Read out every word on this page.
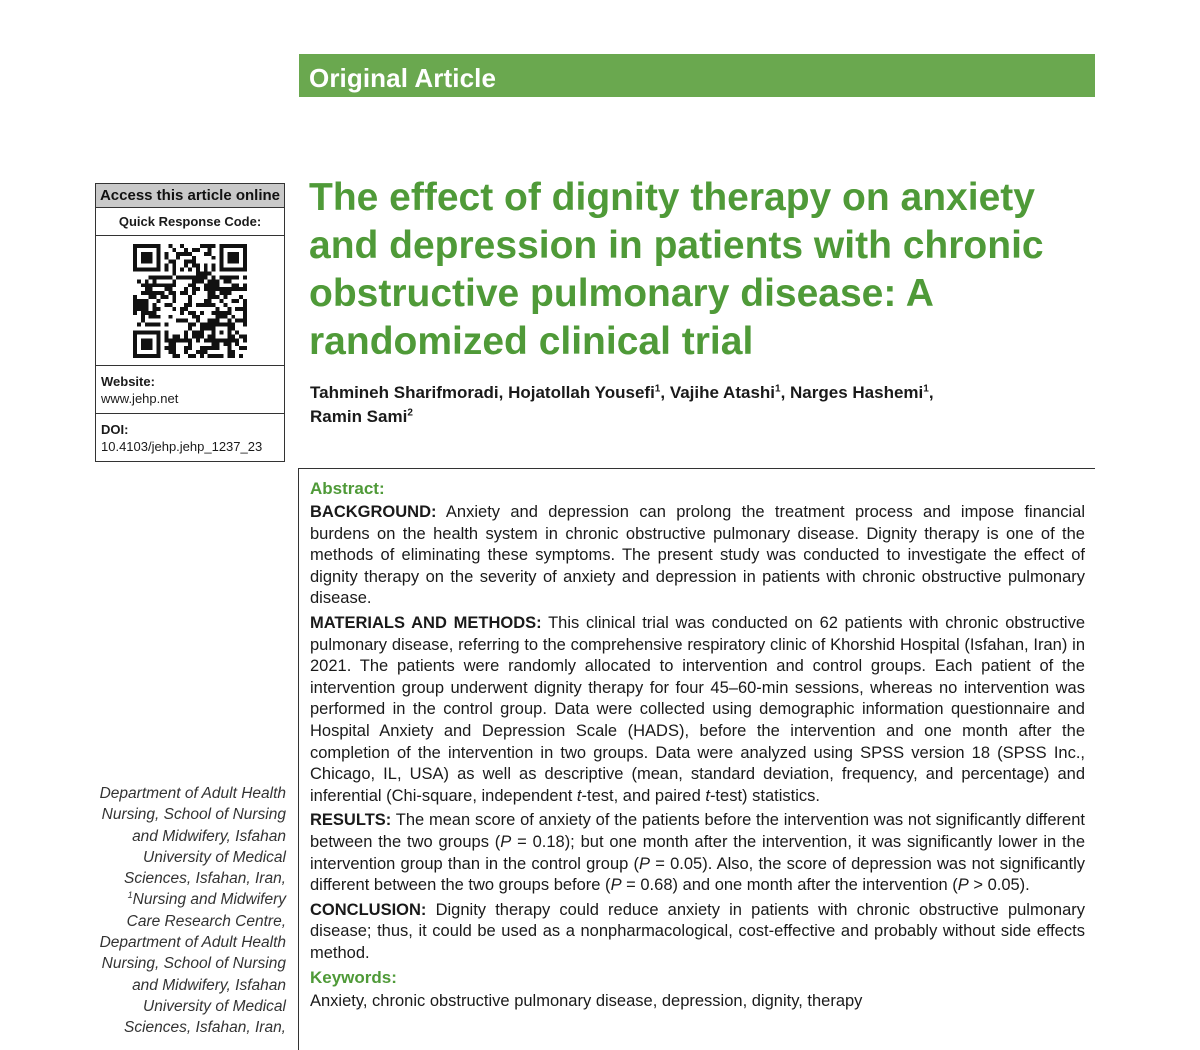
Original Article
Access this article online
Quick Response Code:
Website:
www.jehp.net
DOI:
10.4103/jehp.jehp_1237_23
The effect of dignity therapy on anxiety and depression in patients with chronic obstructive pulmonary disease: A randomized clinical trial
Tahmineh Sharifmoradi, Hojatollah Yousefi$^1$, Vajihe Atashi$^1$, Narges Hashemi$^1$,
Ramin Sami$^2$
Abstract:

BACKGROUND: Anxiety and depression can prolong the treatment process and impose financial burdens on the health system in chronic obstructive pulmonary disease. Dignity therapy is one of the methods of eliminating these symptoms. The present study was conducted to investigate the effect of dignity therapy on the severity of anxiety and depression in patients with chronic obstructive pulmonary disease.

MATERIALS AND METHODS: This clinical trial was conducted on 62 patients with chronic obstructive pulmonary disease, referring to the comprehensive respiratory clinic of Khorshid Hospital (Isfahan, Iran) in 2021. The patients were randomly allocated to intervention and control groups. Each patient of the intervention group underwent dignity therapy for four 45–60-min sessions, whereas no intervention was performed in the control group. Data were collected using demographic information questionnaire and Hospital Anxiety and Depression Scale (HADS), before the intervention and one month after the completion of the intervention in two groups. Data were analyzed using SPSS version 18 (SPSS Inc., Chicago, IL, USA) as well as descriptive (mean, standard deviation, frequency, and percentage) and inferential (Chi-square, independent t-test, and paired t-test) statistics.

RESULTS: The mean score of anxiety of the patients before the intervention was not significantly different between the two groups (P = 0.18); but one month after the intervention, it was significantly lower in the intervention group than in the control group (P = 0.05). Also, the score of depression was not significantly different between the two groups before (P = 0.68) and one month after the intervention (P > 0.05).

CONCLUSION: Dignity therapy could reduce anxiety in patients with chronic obstructive pulmonary disease; thus, it could be used as a nonpharmacological, cost-effective and probably without side effects method.

Keywords:
Anxiety, chronic obstructive pulmonary disease, depression, dignity, therapy
Department of Adult Health Nursing, School of Nursing and Midwifery, Isfahan University of Medical Sciences, Isfahan, Iran, $^1$Nursing and Midwifery Care Research Centre, Department of Adult Health Nursing, School of Nursing and Midwifery, Isfahan University of Medical Sciences, Isfahan, Iran,
